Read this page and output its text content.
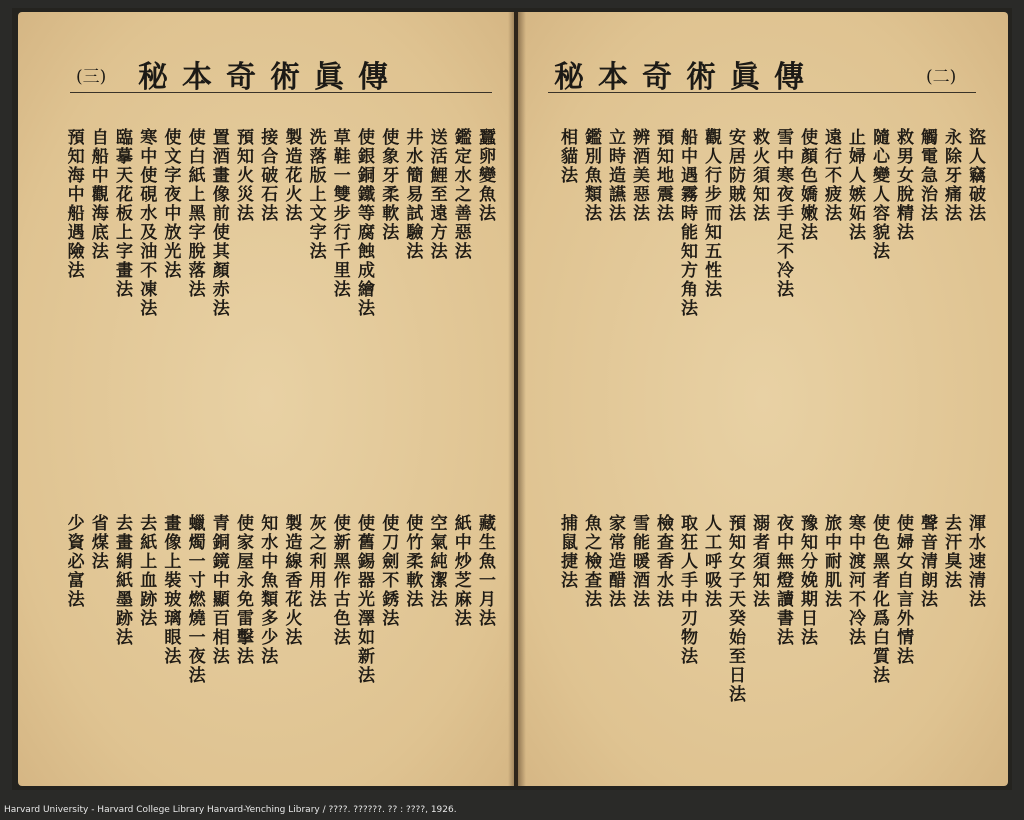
(三) 秘本奇術眞傳
蠶卵變魚法
鑑定水之善惡法
送活鯉至遠方法
井水簡易試驗法
使象牙柔軟法
使銀銅鐵等腐蝕成繪法
草鞋一雙步行千里法
洗落版上文字法
製造花火法
接合破石法
預知火災法
置酒畫像前使其顏赤法
使白紙上黑字脫落法
使文字夜中放光法
寒中使硯水及油不凍法
臨摹天花板上字畫法
自船中觀海底法
預知海中船遇險法
藏生魚一月法
紙中炒芝麻法
空氣純潔法
使竹柔軟法
使刀劍不銹法
使舊錫器光澤如新法
使新黑作古色法
灰之利用法
製造線香花火法
知水中魚類多少法
使家屋永免雷擊法
青銅鏡中顯百相法
蠟燭一寸燃燒一夜法
畫像上裝玻璃眼法
去紙上血跡法
去畫絹紙墨跡法
省煤法
少資必富法
秘本奇術眞傳	(二)
盜人竊破法
永除牙痛法
觸電急治法
救男女脫精法
隨心變人容貌法
止婦人嫉妬法
遠行不疲法
使顏色嬌嫩法
雪中寒夜手足不冷法
救火須知法
安居防賊法
觀人行步而知五性法
船中遇霧時能知方角法
預知地震法
辨酒美惡法
立時造讌法
鑑別魚類法
相貓法
渾水速清法
去汗臭法
聲音清朗法
使婦女自言外情法
使色黑者化爲白質法
寒中渡河不冷法
旅中耐肌法
豫知分娩期日法
夜中無燈讀書法
溺者須知法
預知女子天癸始至日法
人工呼吸法
取狂人手中刃物法
檢查香水法
雪能暖酒法
家常造醋法
魚之檢查法
捕鼠捷法
Harvard University - Harvard College Library Harvard-Yenching Library / ????. ??????. ?? : ????, 1926.
